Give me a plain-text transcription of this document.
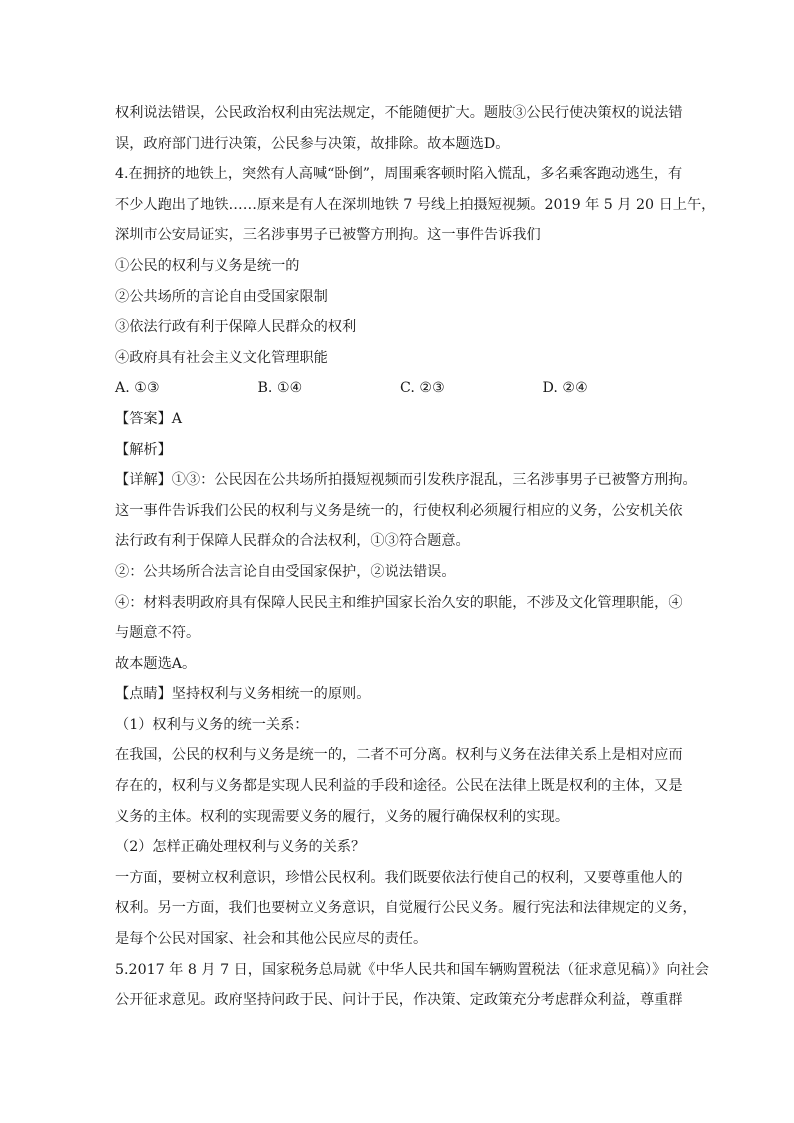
权利说法错误，公民政治权利由宪法规定，不能随便扩大。题肢③公民行使决策权的说法错
误，政府部门进行决策，公民参与决策，故排除。故本题选D。
4.在拥挤的地铁上，突然有人高喊“卧倒”，周围乘客顿时陷入慌乱，多名乘客跑动逃生，有
不少人跑出了地铁……原来是有人在深圳地铁 7 号线上拍摄短视频。2019 年 5 月 20 日上午，
深圳市公安局证实，三名涉事男子已被警方刑拘。这一事件告诉我们
①公民的权利与义务是统一的
②公共场所的言论自由受国家限制
③依法行政有利于保障人民群众的权利
④政府具有社会主义文化管理职能
A. ①③	B. ①④	C. ②③	D. ②④
【答案】A
【解析】
【详解】①③：公民因在公共场所拍摄短视频而引发秩序混乱，三名涉事男子已被警方刑拘。
这一事件告诉我们公民的权利与义务是统一的，行使权利必须履行相应的义务，公安机关依
法行政有利于保障人民群众的合法权利，①③符合题意。
②：公共场所合法言论自由受国家保护，②说法错误。
④：材料表明政府具有保障人民民主和维护国家长治久安的职能，不涉及文化管理职能，④
与题意不符。
故本题选A。
【点睛】坚持权利与义务相统一的原则。
（1）权利与义务的统一关系：
在我国，公民的权利与义务是统一的，二者不可分离。权利与义务在法律关系上是相对应而
存在的，权利与义务都是实现人民利益的手段和途径。公民在法律上既是权利的主体，又是
义务的主体。权利的实现需要义务的履行，义务的履行确保权利的实现。
（2）怎样正确处理权利与义务的关系？
一方面，要树立权利意识，珍惜公民权利。我们既要依法行使自己的权利，又要尊重他人的
权利。另一方面，我们也要树立义务意识，自觉履行公民义务。履行宪法和法律规定的义务，
是每个公民对国家、社会和其他公民应尽的责任。
5.2017 年 8 月 7 日，国家税务总局就《中华人民共和国车辆购置税法（征求意见稿）》向社会
公开征求意见。政府坚持问政于民、问计于民，作决策、定政策充分考虑群众利益，尊重群
